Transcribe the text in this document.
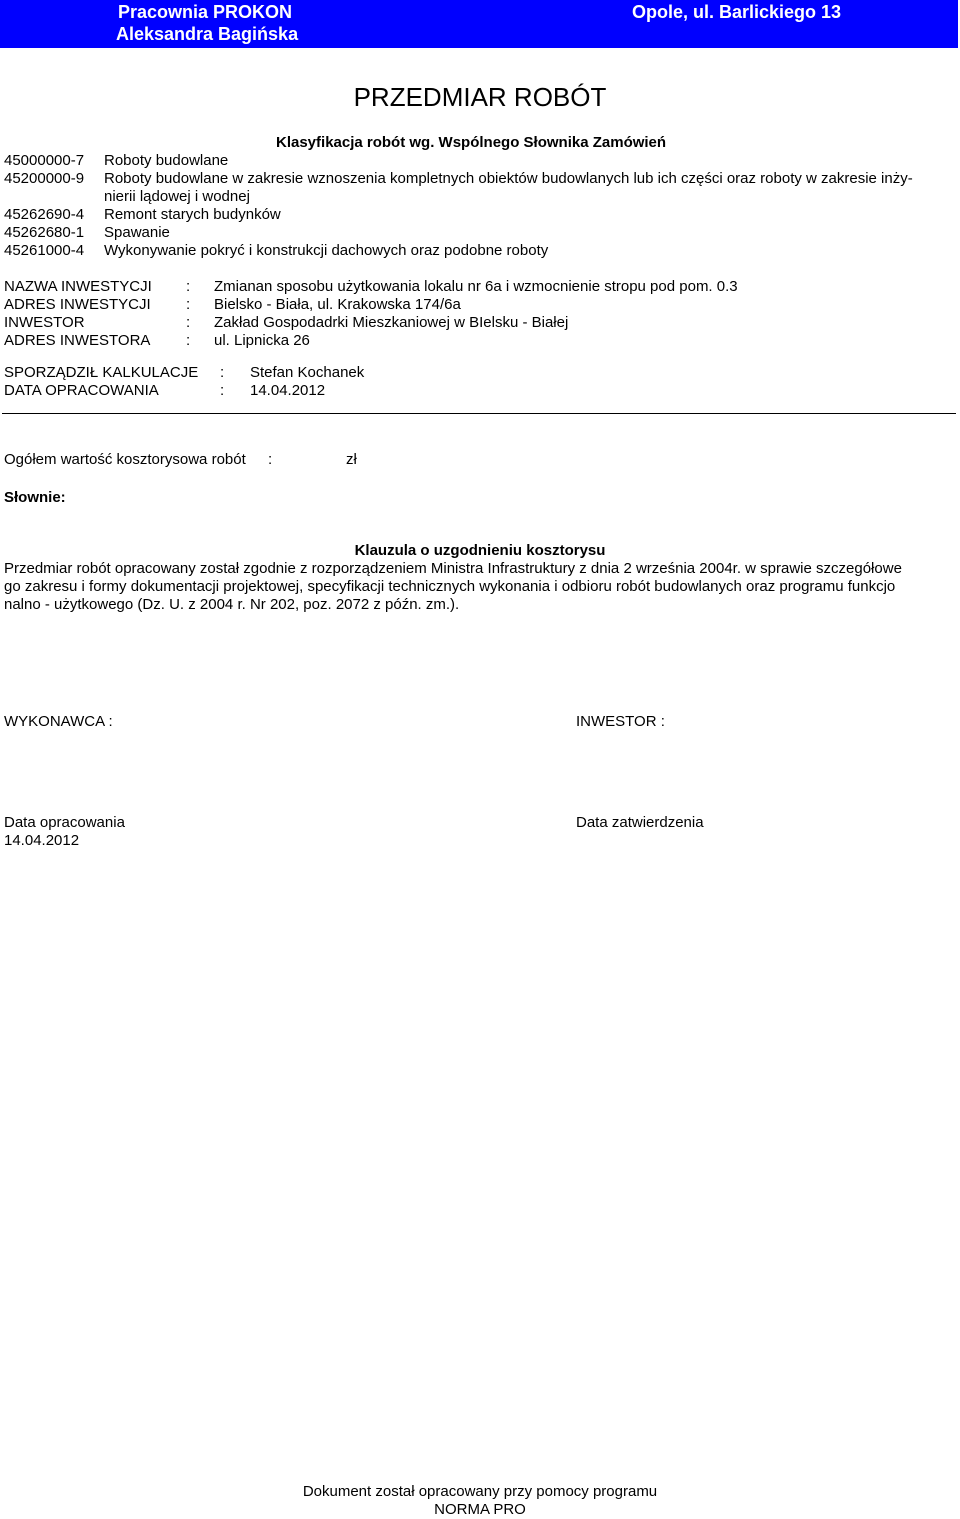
Pracownia PROKON
Aleksandra Bagińska
Opole, ul. Barlickiego 13
PRZEDMIAR ROBÓT
Klasyfikacja robót wg. Wspólnego Słownika Zamówień
45000000-7 Roboty budowlane
45200000-9 Roboty budowlane w zakresie wznoszenia kompletnych obiektów budowlanych lub ich części oraz roboty w zakresie inży-
nierii lądowej i wodnej
45262690-4 Remont starych budynków
45262680-1 Spawanie
45261000-4 Wykonywanie pokryć i konstrukcji dachowych oraz podobne roboty
NAZWA INWESTYCJI : Zmianan sposobu użytkowania lokalu nr 6a i wzmocnienie stropu pod pom. 0.3
ADRES INWESTYCJI : Bielsko - Biała, ul. Krakowska 174/6a
INWESTOR	: Zakład Gospodadrki Mieszkaniowej w BIelsku - Białej
ADRES INWESTORA : ul. Lipnicka 26
SPORZĄDZIŁ KALKULACJE : Stefan Kochanek
DATA OPRACOWANIA	: 14.04.2012
Ogółem wartość kosztorysowa robót :	zł
Słownie:
Klauzula o uzgodnieniu kosztorysu
Przedmiar robót opracowany został zgodnie z rozporządzeniem Ministra Infrastruktury z dnia 2 września 2004r. w sprawie szczegółowe
go zakresu i formy dokumentacji projektowej, specyfikacji technicznych wykonania i odbioru robót budowlanych oraz programu funkcjo
nalno - użytkowego (Dz. U. z 2004 r. Nr 202, poz. 2072 z późn. zm.).
WYKONAWCA :	INWESTOR :
Data opracowania
14.04.2012
Data zatwierdzenia
Dokument został opracowany przy pomocy programu
NORMA PRO
